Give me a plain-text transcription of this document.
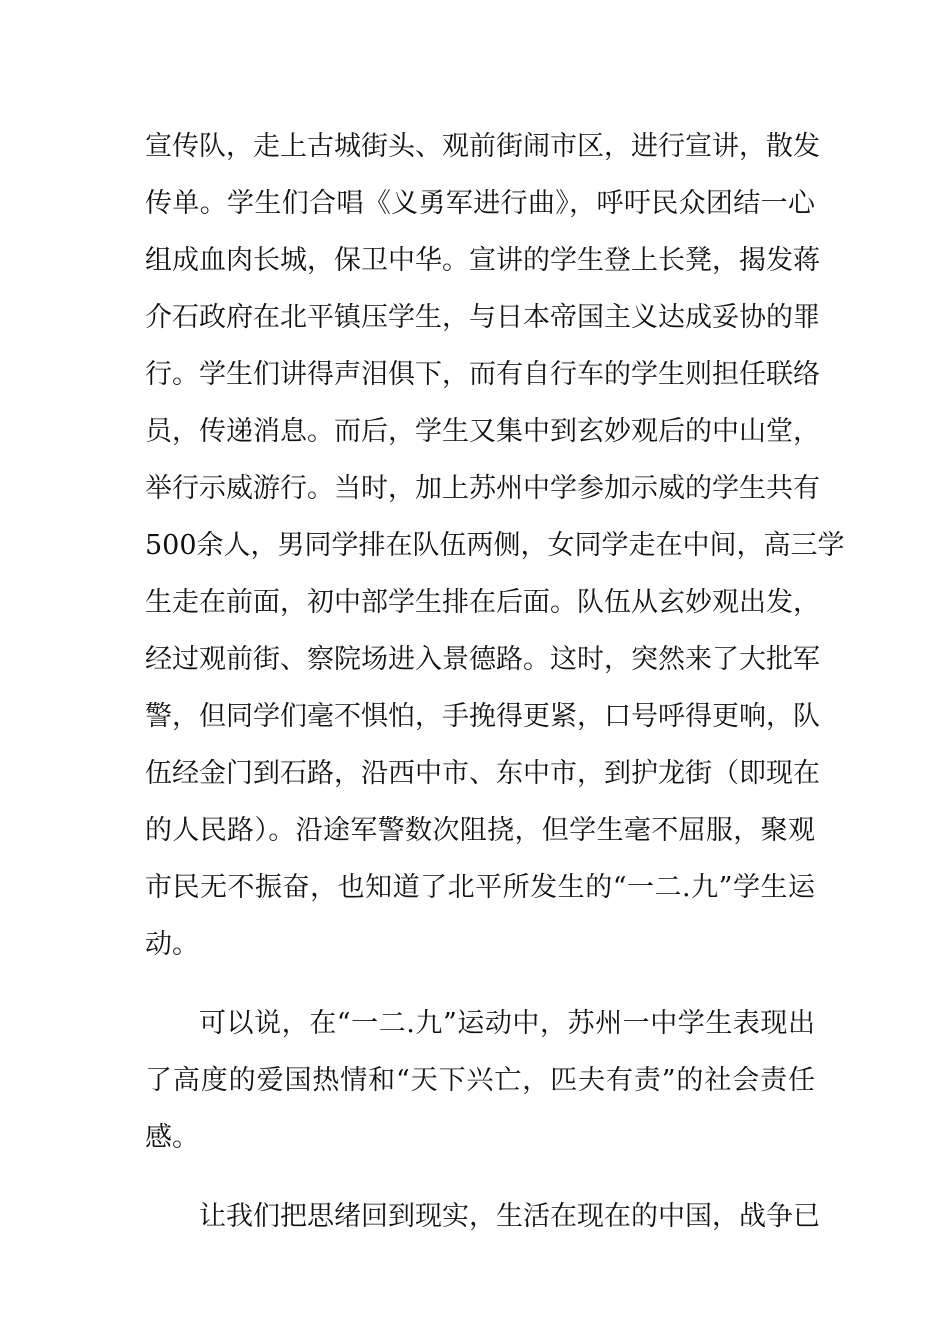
宣传队，走上古城街头、观前街闹市区，进行宣讲，散发
传单。学生们合唱《义勇军进行曲》，呼吁民众团结一心
组成血肉长城，保卫中华。宣讲的学生登上长凳，揭发蒋
介石政府在北平镇压学生，与日本帝国主义达成妥协的罪
行。学生们讲得声泪俱下，而有自行车的学生则担任联络
员，传递消息。而后，学生又集中到玄妙观后的中山堂，
举行示威游行。当时，加上苏州中学参加示威的学生共有
500余人，男同学排在队伍两侧，女同学走在中间，高三学
生走在前面，初中部学生排在后面。队伍从玄妙观出发，
经过观前街、察院场进入景德路。这时，突然来了大批军
警，但同学们毫不惧怕，手挽得更紧，口号呼得更响，队
伍经金门到石路，沿西中市、东中市，到护龙街（即现在
的人民路）。沿途军警数次阻挠，但学生毫不屈服，聚观
市民无不振奋，也知道了北平所发生的“一二.九”学生运
动。
可以说，在“一二.九”运动中，苏州一中学生表现出
了高度的爱国热情和“天下兴亡，匹夫有责”的社会责任
感。
让我们把思绪回到现实，生活在现在的中国，战争已
